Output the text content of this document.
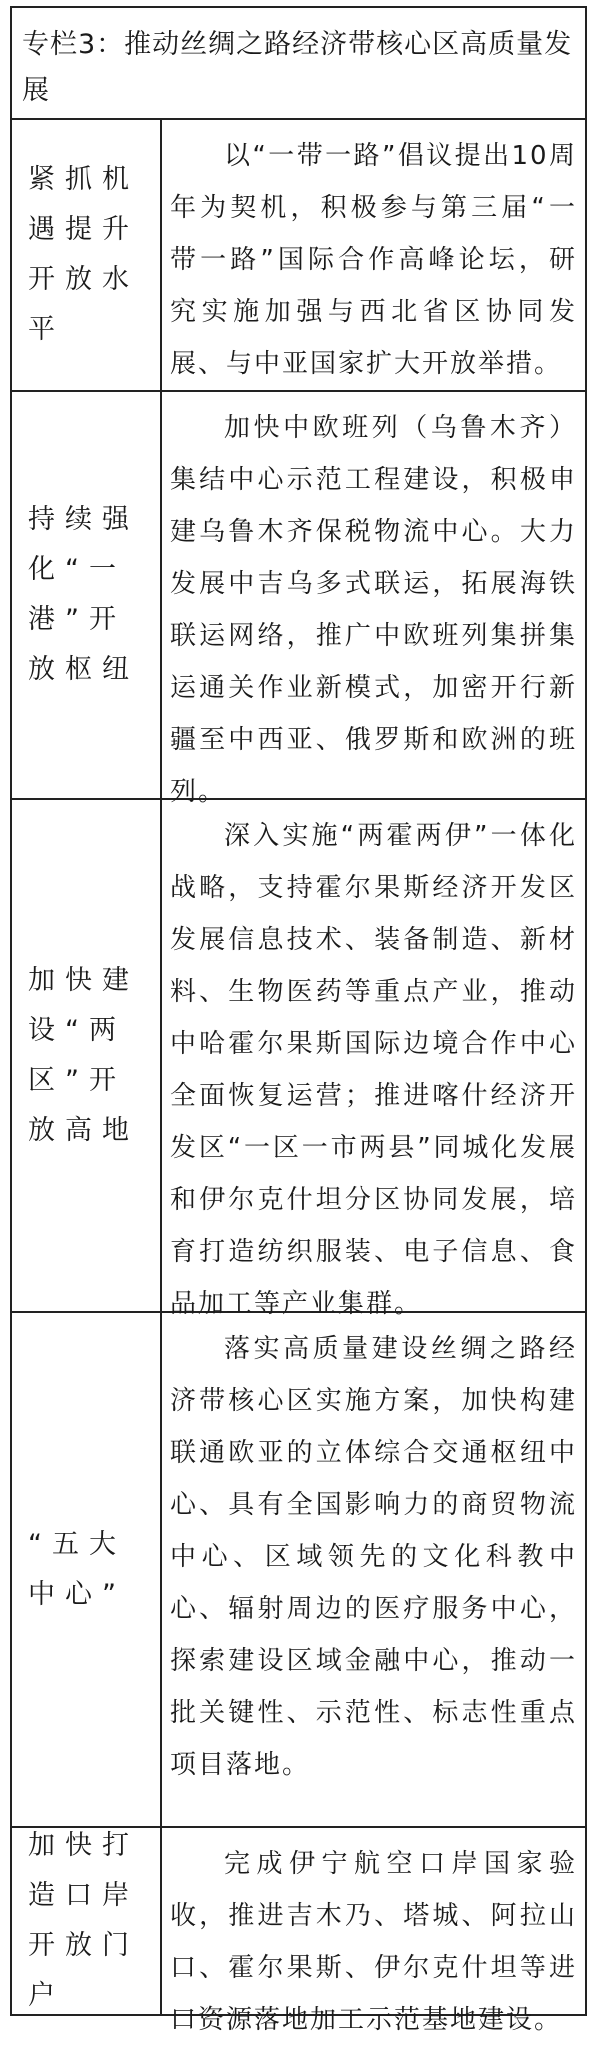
专栏3：推动丝绸之路经济带核心区高质量发展
紧抓机遇提升开放水平

以“一带一路”倡议提出10周年为契机，积极参与第三届“一带一路”国际合作高峰论坛，研究实施加强与西北省区协同发展、与中亚国家扩大开放举措。

持续强化“一港”开放枢纽

加快中欧班列（乌鲁木齐）集结中心示范工程建设，积极申建乌鲁木齐保税物流中心。大力发展中吉乌多式联运，拓展海铁联运网络，推广中欧班列集拼集运通关作业新模式，加密开行新疆至中西亚、俄罗斯和欧洲的班列。

加快建设“两区”开放高地

深入实施“两霍两伊”一体化战略，支持霍尔果斯经济开发区发展信息技术、装备制造、新材料、生物医药等重点产业，推动中哈霍尔果斯国际边境合作中心全面恢复运营；推进喀什经济开发区“一区一市两县”同城化发展和伊尔克什坦分区协同发展，培育打造纺织服装、电子信息、食品加工等产业集群。

“五大中心”

落实高质量建设丝绸之路经济带核心区实施方案，加快构建联通欧亚的立体综合交通枢纽中心、具有全国影响力的商贸物流中心、区域领先的文化科教中心、辐射周边的医疗服务中心，探索建设区域金融中心，推动一批关键性、示范性、标志性重点项目落地。

加快打造口岸开放门户

完成伊宁航空口岸国家验收，推进吉木乃、塔城、阿拉山口、霍尔果斯、伊尔克什坦等进口资源落地加工示范基地建设。
